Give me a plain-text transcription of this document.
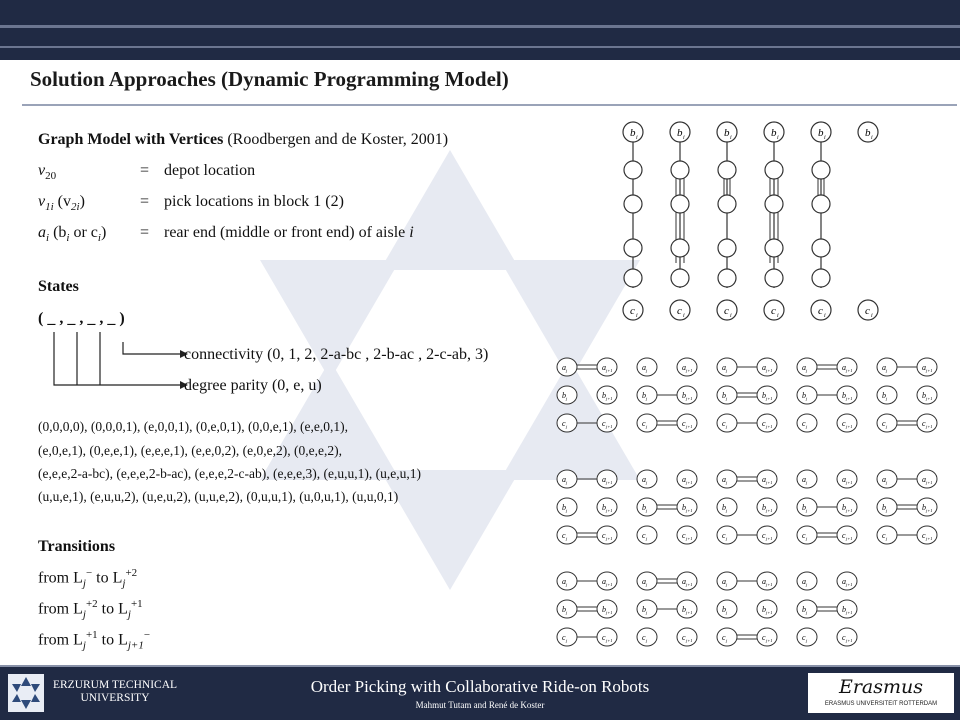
Solution Approaches (Dynamic Programming Model)
Graph Model with Vertices (Roodbergen and de Koster, 2001)
$v_{20}$	= depot location
$v_{1i}$ $(v_{2i})$	= pick locations in block 1 (2)
$a_i$ ($b_i$ or $c_i$) = rear end (middle or front end) of aisle i
States
( _ , _ , _ , _ )
connectivity (0, 1, 2, 2-a-bc , 2-b-ac , 2-c-ab, 3)
degree parity (0, e, u)
(0,0,0,0), (0,0,0,1), (e,0,0,1), (0,e,0,1), (0,0,e,1), (e,e,0,1),
(e,0,e,1), (0,e,e,1), (e,e,e,1), (e,e,0,2), (e,0,e,2), (0,e,e,2),
(e,e,e,2-a-bc), (e,e,e,2-b-ac), (e,e,e,2-c-ab), (e,e,e,3), (e,u,u,1), (u,e,u,1)
(u,u,e,1), (e,u,u,2), (u,e,u,2), (u,u,e,2), (0,u,u,1), (u,0,u,1), (u,u,0,1)
Transitions
from $L_j^-$ to $L_j^{+2}$
from $L_j^{+2}$ to $L_j^{+1}$
from $L_j^{+1}$ to $L_{j+1}^-$
b i
c i
b i
c i
b i
c i
b i
c i
b i
c i
b i
c i
a j	a j+1
b j	b j+1
c j	c j+1
a j	a j+1
b j	b j+1
c j	c j+1
a j	a j+1
b j	b j+1
c j	c j+1
a j	a j+1
b j	b j+1
c j	c j+1
a j	a j+1
b j	b j+1
c j	c j+1
a j	a j+1
b j	b j+1
c j	c j+1
a j	a j+1
b j	b j+1
c j	c j+1
a j	a j+1
b j	b j+1
c j	c j+1
a j	a j+1
b j	b j+1
c j	c j+1
a j	a j+1
b j	b j+1
c j	c j+1
a j	a j+1
b j	b j+1
c j	c j+1
a j	a j+1
b j	b j+1
c j	c j+1
a j	a j+1
b j	b j+1
c j	c j+1
a j	a j+1
b j	b j+1
c j	c j+1
ERZURUM TECHNICAL
UNIVERSITY
Order Picking with Collaborative Ride-on Robots
Mahmut Tutam and René de Koster
Erasmus
ERASMUS UNIVERSITEIT ROTTERDAM
